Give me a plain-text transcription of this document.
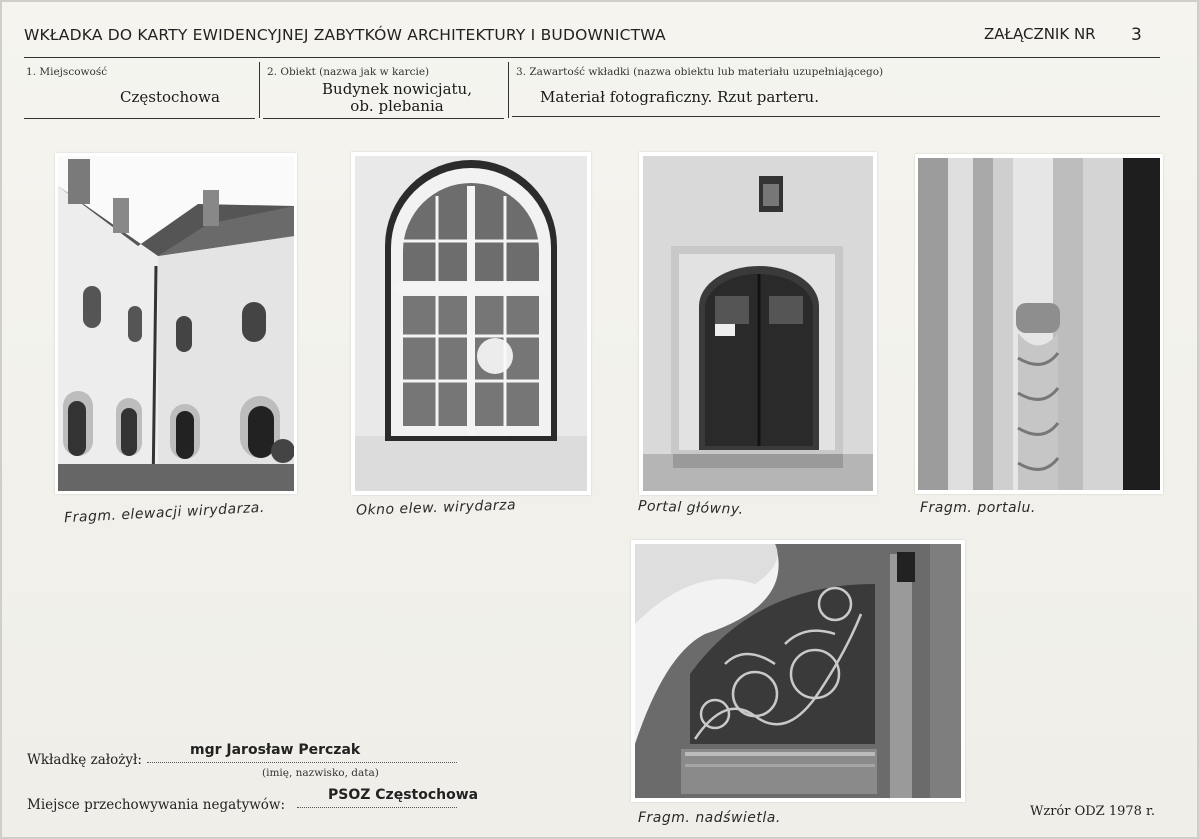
WKŁADKA DO KARTY EWIDENCYJNEJ ZABYTKÓW ARCHITEKTURY I BUDOWNICTWA	ZAŁĄCZNIK NR 3
1. Miejscowość
Częstochowa
2. Obiekt (nazwa jak w karcie)
Budynek nowicjatu,
ob. plebania
3. Zawartość wkładki (nazwa obiektu lub materiału uzupełniającego)
Materiał fotograficzny. Rzut parteru.
Fragm. elewacji wirydarza.	Okno elew. wirydarza	Portal główny.	Fragm. portalu.
Fragm. nadświetla.
Wkładkę założył:
mgr Jarosław Perczak
(imię, nazwisko, data)
Miejsce przechowywania negatywów:
PSOZ Częstochowa
Wzrór ODZ 1978 r.
